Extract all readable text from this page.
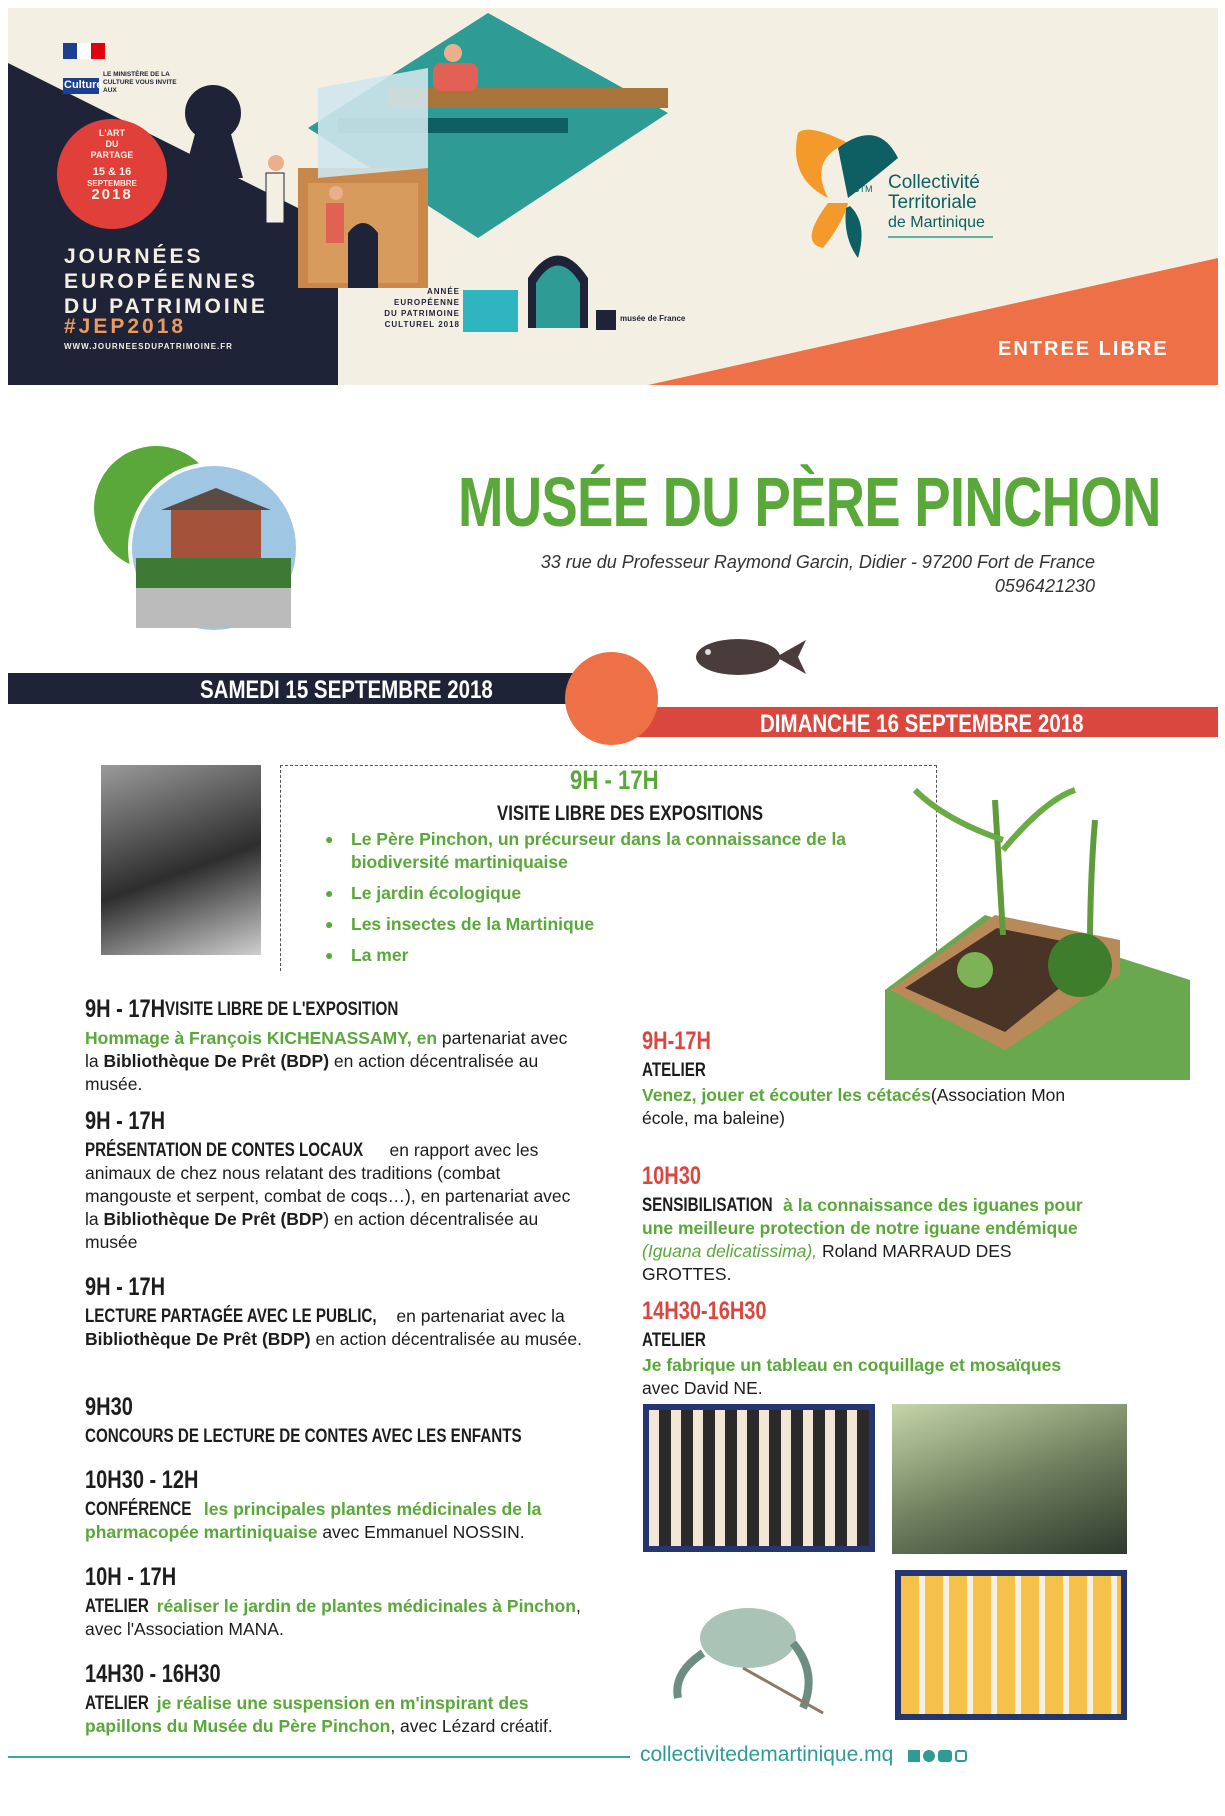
Culture
LE MINISTÈRE DE LA CULTURE VOUS INVITE AUX
L'ART
DU
PARTAGE
15 & 16
SEPTEMBRE
2018
JOURNÉES
EUROPÉENNES
DU PATRIMOINE
#JEP2018
WWW.JOURNEESDUPATRIMOINE.FR
ANNÉE
EUROPÉENNE
DU PATRIMOINE
CULTUREL 2018
musée de France
CTM Collectivité
Territoriale
de Martinique
ENTREE LIBRE
MUSÉE DU PÈRE PINCHON
33 rue du Professeur Raymond Garcin, Didier - 97200 Fort de France
0596421230
SAMEDI 15 SEPTEMBRE 2018
DIMANCHE 16 SEPTEMBRE 2018
9H - 17H
VISITE LIBRE DES EXPOSITIONS
● Le Père Pinchon, un précurseur dans la connaissance de la biodiversité martiniquaise
● Le jardin écologique
● Les insectes de la Martinique
● La mer
9H - 17H VISITE LIBRE DE L'EXPOSITION
Hommage à François KICHENASSAMY, en partenariat avec la Bibliothèque De Prêt (BDP) en action décentralisée au musée.
9H - 17H
PRÉSENTATION DE CONTES LOCAUX en rapport avec les animaux de chez nous relatant des traditions (combat mangouste et serpent, combat de coqs…), en partenariat avec la Bibliothèque De Prêt (BDP) en action décentralisée au musée
9H - 17H
LECTURE PARTAGÉE AVEC LE PUBLIC, en partenariat avec la Bibliothèque De Prêt (BDP) en action décentralisée au musée.
9H30
CONCOURS DE LECTURE DE CONTES AVEC LES ENFANTS
10H30 - 12H
CONFÉRENCE les principales plantes médicinales de la pharmacopée martiniquaise avec Emmanuel NOSSIN.
10H - 17H
ATELIER réaliser le jardin de plantes médicinales à Pinchon, avec l'Association MANA.
14H30 - 16H30
ATELIER je réalise une suspension en m'inspirant des papillons du Musée du Père Pinchon, avec Lézard créatif.
9H-17H
ATELIER
Venez, jouer et écouter les cétacés(Association Mon école, ma baleine)
10H30
SENSIBILISATION à la connaissance des iguanes pour une meilleure protection de notre iguane endémique (Iguana delicatissima), Roland MARRAUD DES GROTTES.
14H30-16H30
ATELIER
Je fabrique un tableau en coquillage et mosaïques avec David NE.
collectivitedemartinique.mq
